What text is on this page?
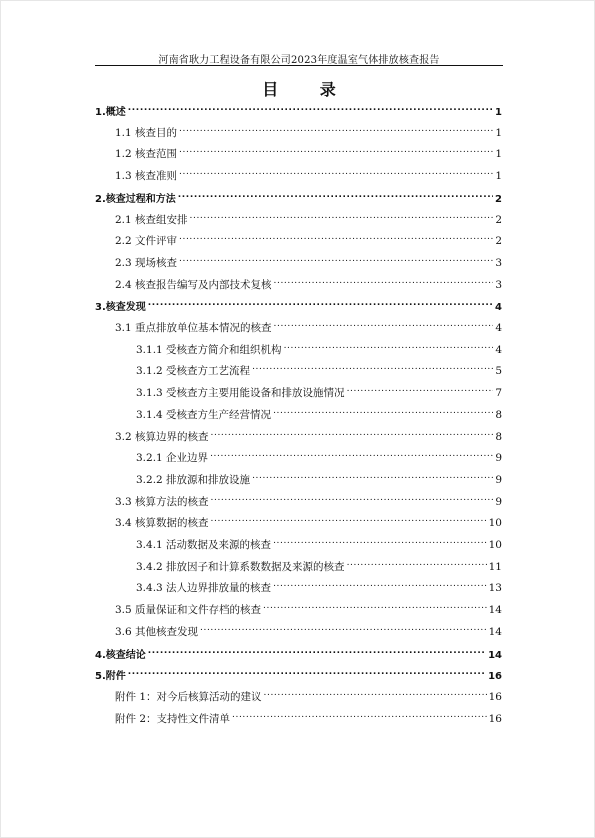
河南省耿力工程设备有限公司2023年度温室气体排放核查报告
目 录
1.概述 .....	1
1.1 核查目的 .....	1
1.2 核查范围 .....	1
1.3 核查准则 .....	1
2.核查过程和方法 .....	2
2.1 核查组安排 .....	2
2.2 文件评审 .....	2
2.3 现场核查 .....	3
2.4 核查报告编写及内部技术复核 .....	3
3.核查发现 .....	4
3.1 重点排放单位基本情况的核查 .....	4
3.1.1 受核查方简介和组织机构 .....	4
3.1.2 受核查方工艺流程 .....	5
3.1.3 受核查方主要用能设备和排放设施情况 .....	7
3.1.4 受核查方生产经营情况 .....	8
3.2 核算边界的核查 .....	8
3.2.1 企业边界 .....	9
3.2.2 排放源和排放设施 .....	9
3.3 核算方法的核查 .....	9
3.4 核算数据的核查 .....	10
3.4.1 活动数据及来源的核查 .....	10
3.4.2 排放因子和计算系数数据及来源的核查 .....	11
3.4.3 法人边界排放量的核查 .....	13
3.5 质量保证和文件存档的核查 .....	14
3.6 其他核查发现 .....	14
4.核查结论 .....	14
5.附件 .....	16
附件 1：对今后核算活动的建议 .....	16
附件 2：支持性文件清单 .....	16
